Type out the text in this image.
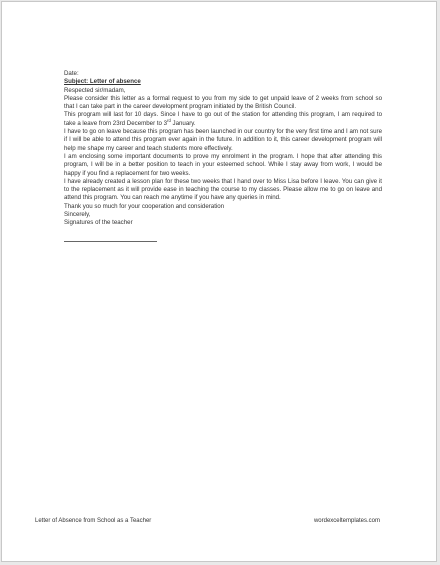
Date:

Subject: Letter of absence

Respected sir/madam,

Please consider this letter as a formal request to you from my side to get unpaid leave of 2 weeks from school so that I can take part in the career development program initiated by the British Council.

This program will last for 10 days. Since I have to go out of the station for attending this program, I am required to take a leave from 23rd December to 3rd January.

I have to go on leave because this program has been launched in our country for the very first time and I am not sure if I will be able to attend this program ever again in the future. In addition to it, this career development program will help me shape my career and teach students more effectively.

I am enclosing some important documents to prove my enrolment in the program. I hope that after attending this program, I will be in a better position to teach in your esteemed school. While I stay away from work, I would be happy if you find a replacement for two weeks.

I have already created a lesson plan for these two weeks that I hand over to Miss Lisa before I leave. You can give it to the replacement as it will provide ease in teaching the course to my classes. Please allow me to go on leave and attend this program. You can reach me anytime if you have any queries in mind.

Thank you so much for your cooperation and consideration

Sincerely,

Signatures of the teacher

Letter of Absence from School as a Teacher	wordexceltemplates.com
